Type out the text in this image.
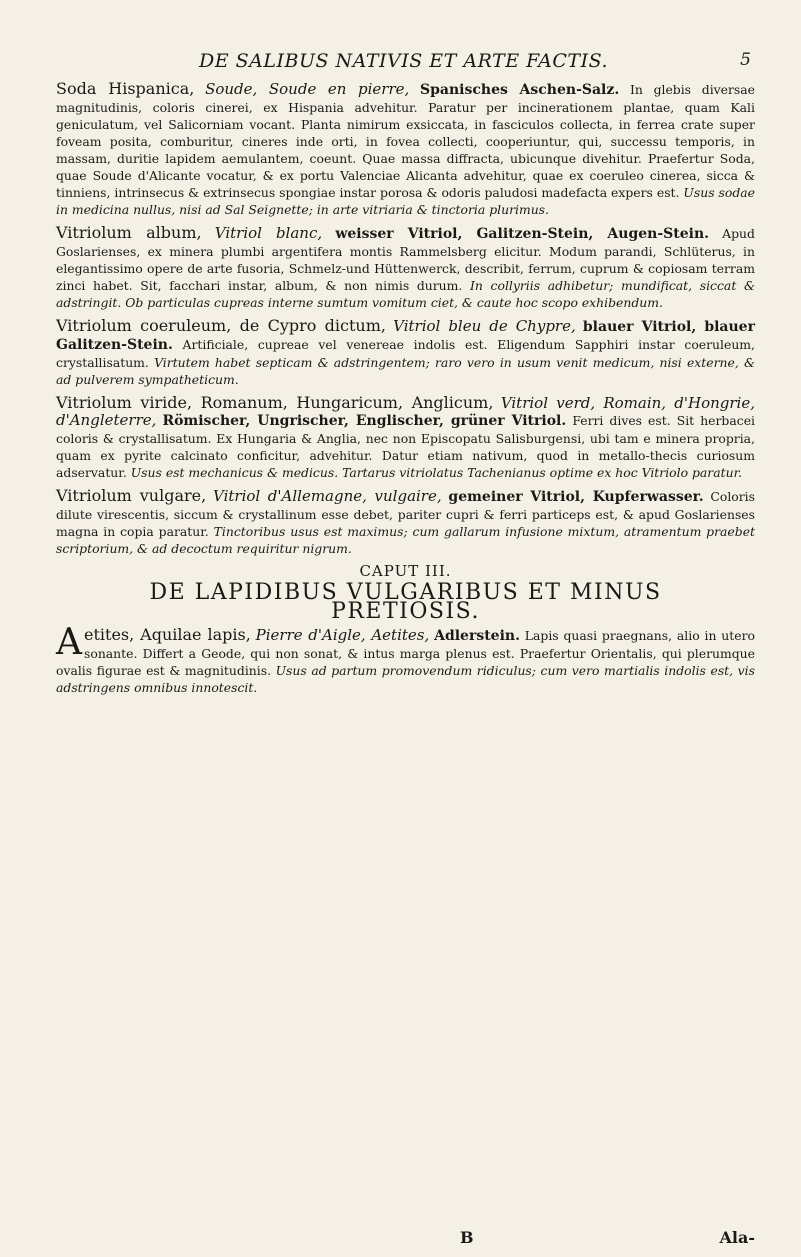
DE SALIBUS NATIVIS ET ARTE FACTIS.	5

Soda Hispanica, Soude, Soude en pierre, Spanisches Aschen-Salz. In glebis diversae magnitudinis, coloris cinerei, ex Hispania advehitur. Paratur per incinerationem plantae, quam Kali geniculatum, vel Salicorniam vocant. Planta nimirum exsiccata, in fasciculos collecta, in ferrea crate super foveam posita, comburitur, cineres inde orti, in fovea collecti, cooperiuntur, qui, successu temporis, in massam, duritie lapidem aemulantem, coeunt. Quae massa diffracta, ubicunque divehitur. Praefertur Soda, quae Soude d'Alicante vocatur, & ex portu Valenciae Alicanta advehitur, quae ex coeruleo cinerea, sicca & tinniens, intrinsecus & extrinsecus spongiae instar porosa & odoris paludosi madefacta expers est. Usus sodae in medicina nullus, nisi ad Sal Seignette; in arte vitriaria & tinctoria plurimus.

Vitriolum album, Vitriol blanc, weisser Vitriol, Galitzen-Stein, Augen-Stein. Apud Goslarienses, ex minera plumbi argentifera montis Rammelsberg elicitur. Modum parandi, Schlüterus, in elegantissimo opere de arte fusoria, Schmelz-und Hüttenwerck, describit, ferrum, cuprum & copiosam terram zinci habet. Sit, facchari instar, album, & non nimis durum. In collyriis adhibetur; mundificat, siccat & adstringit. Ob particulas cupreas interne sumtum vomitum ciet, & caute hoc scopo exhibendum.

Vitriolum coeruleum, de Cypro dictum, Vitriol bleu de Chypre, blauer Vitriol, blauer Galitzen-Stein. Artificiale, cupreae vel venereae indolis est. Eligendum Sapphiri instar coeruleum, crystallisatum. Virtutem habet septicam & adstringentem; raro vero in usum venit medicum, nisi externe, & ad pulverem sympatheticum.

Vitriolum viride, Romanum, Hungaricum, Anglicum, Vitriol verd, Romain, d'Hongrie, d'Angleterre, Römischer, Ungrischer, Englischer, grüner Vitriol. Ferri dives est. Sit herbacei coloris & crystallisatum. Ex Hungaria & Anglia, nec non Episcopatu Salisburgensi, ubi tam e minera propria, quam ex pyrite calcinato conficitur, advehitur. Datur etiam nativum, quod in metallo-thecis curiosum adservatur. Usus est mechanicus & medicus. Tartarus vitriolatus Tachenianus optime ex hoc Vitriolo paratur.

Vitriolum vulgare, Vitriol d'Allemagne, vulgaire, gemeiner Vitriol, Kupferwasser. Coloris dilute virescentis, siccum & crystallinum esse debet, pariter cupri & ferri particeps est, & apud Goslarienses magna in copia paratur. Tinctoribus usus est maximus; cum gallarum infusione mixtum, atramentum praebet scriptorium, & ad decoctum requiritur nigrum.

CAPUT III.
DE LAPIDIBUS VULGARIBUS ET MINUS
PRETIOSIS.

A etites, Aquilae lapis, Pierre d'Aigle, Aetites, Adlerstein. Lapis quasi praegnans, alio in utero sonante. Differt a Geode, qui non sonat, & intus marga plenus est. Praefertur Orientalis, qui plerumque ovalis figurae est & magnitudinis. Usus ad partum promovendum ridiculus; cum vero martialis indolis est, vis adstringens omnibus innotescit.

B	Ala-
